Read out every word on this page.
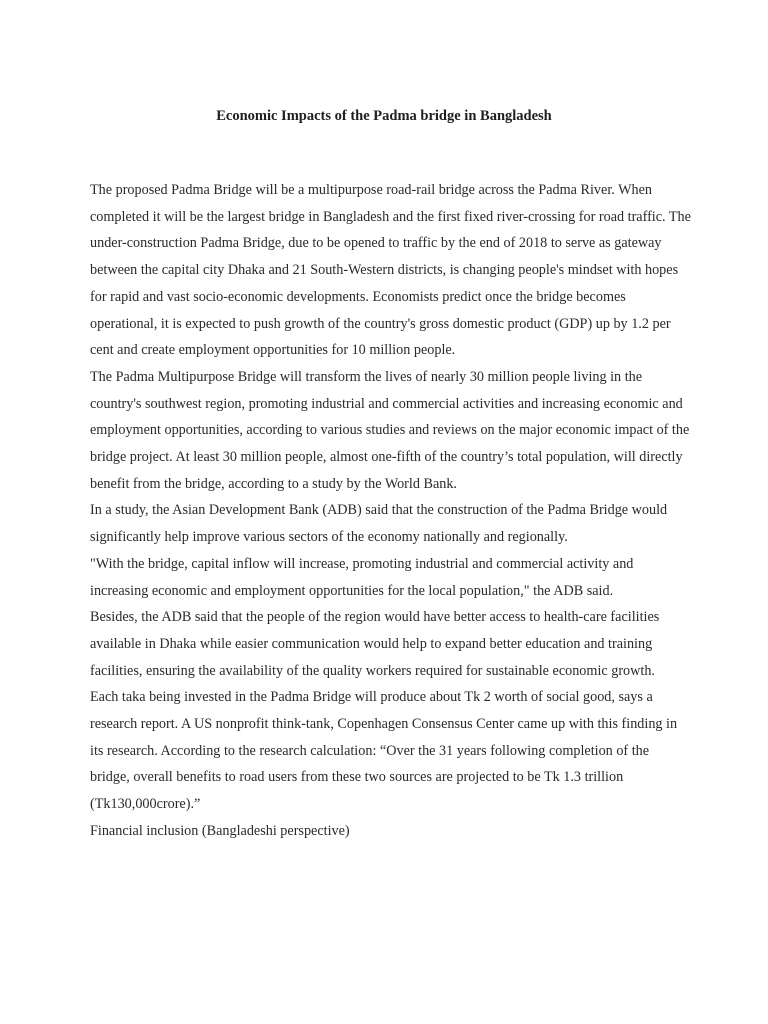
Economic Impacts of the Padma bridge in Bangladesh

The proposed Padma Bridge will be a multipurpose road-rail bridge across the Padma River. When completed it will be the largest bridge in Bangladesh and the first fixed river-crossing for road traffic. The under-construction Padma Bridge, due to be opened to traffic by the end of 2018 to serve as gateway between the capital city Dhaka and 21 South-Western districts, is changing people's mindset with hopes for rapid and vast socio-economic developments. Economists predict once the bridge becomes operational, it is expected to push growth of the country's gross domestic product (GDP) up by 1.2 per cent and create employment opportunities for 10 million people.

The Padma Multipurpose Bridge will transform the lives of nearly 30 million people living in the country's southwest region, promoting industrial and commercial activities and increasing economic and employment opportunities, according to various studies and reviews on the major economic impact of the bridge project. At least 30 million people, almost one-fifth of the country’s total population, will directly benefit from the bridge, according to a study by the World Bank.

In a study, the Asian Development Bank (ADB) said that the construction of the Padma Bridge would significantly help improve various sectors of the economy nationally and regionally.

"With the bridge, capital inflow will increase, promoting industrial and commercial activity and increasing economic and employment opportunities for the local population," the ADB said.

Besides, the ADB said that the people of the region would have better access to health-care facilities available in Dhaka while easier communication would help to expand better education and training facilities, ensuring the availability of the quality workers required for sustainable economic growth.

Each taka being invested in the Padma Bridge will produce about Tk 2 worth of social good, says a research report. A US nonprofit think-tank, Copenhagen Consensus Center came up with this finding in its research. According to the research calculation: “Over the 31 years following completion of the bridge, overall benefits to road users from these two sources are projected to be Tk 1.3 trillion (Tk130,000crore).”

Financial inclusion (Bangladeshi perspective)
